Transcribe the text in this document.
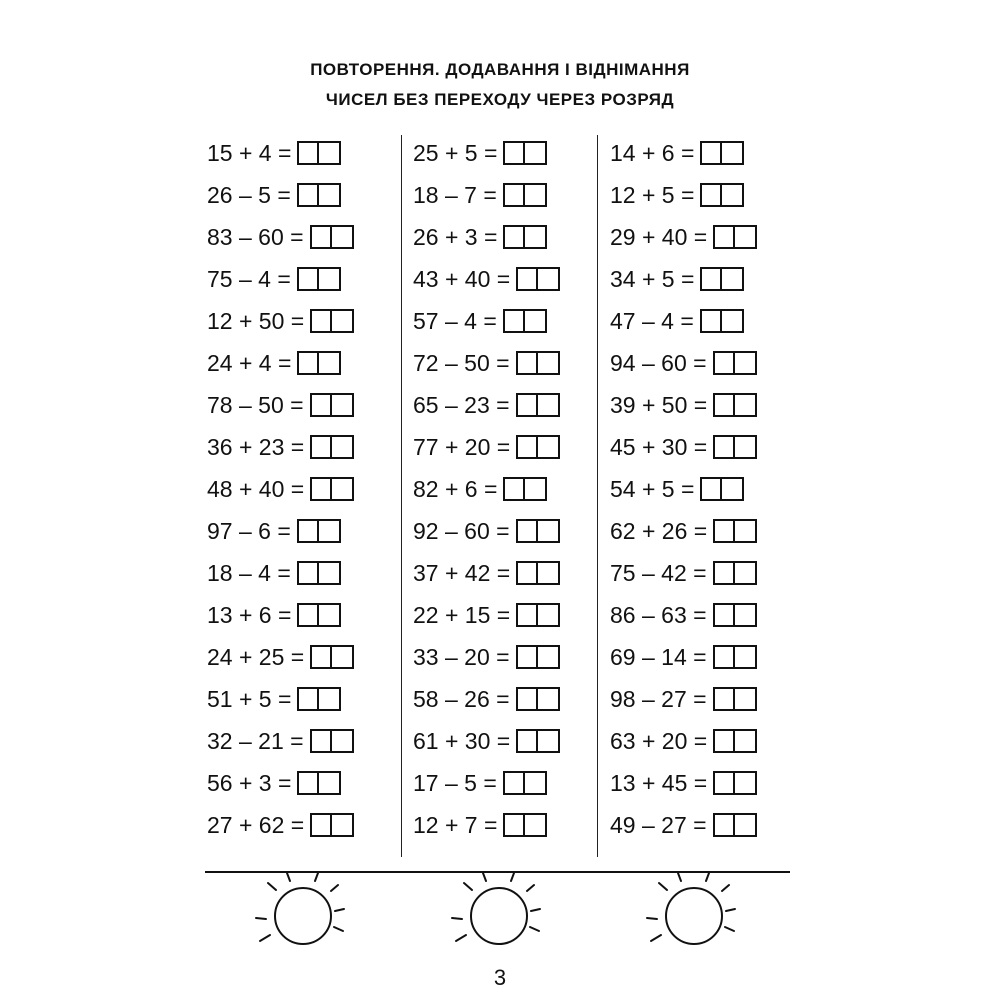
ПОВТОРЕННЯ. ДОДАВАННЯ І ВІДНІМАННЯ
ЧИСЕЛ БЕЗ ПЕРЕХОДУ ЧЕРЕЗ РОЗРЯД
15 + 4 =
26 – 5 =
83 – 60 =
75 – 4 =
12 + 50 =
24 + 4 =
78 – 50 =
36 + 23 =
48 + 40 =
97 – 6 =
18 – 4 =
13 + 6 =
24 + 25 =
51 + 5 =
32 – 21 =
56 + 3 =
27 + 62 =
25 + 5 =
18 – 7 =
26 + 3 =
43 + 40 =
57 – 4 =
72 – 50 =
65 – 23 =
77 + 20 =
82 + 6 =
92 – 60 =
37 + 42 =
22 + 15 =
33 – 20 =
58 – 26 =
61 + 30 =
17 – 5 =
12 + 7 =
14 + 6 =
12 + 5 =
29 + 40 =
34 + 5 =
47 – 4 =
94 – 60 =
39 + 50 =
45 + 30 =
54 + 5 =
62 + 26 =
75 – 42 =
86 – 63 =
69 – 14 =
98 – 27 =
63 + 20 =
13 + 45 =
49 – 27 =
3
